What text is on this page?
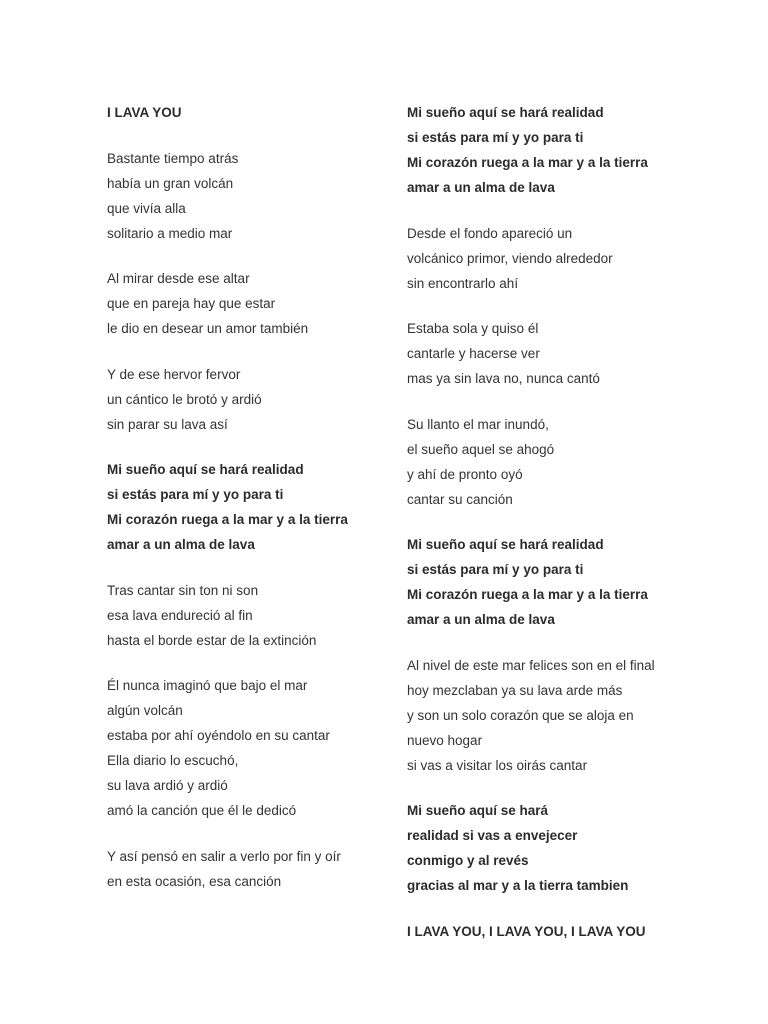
I LAVA YOU
Bastante tiempo atrás
había un gran volcán
que vivía alla
solitario a medio mar
Al mirar desde ese altar
que en pareja hay que estar
le dio en desear un amor también
Y de ese hervor fervor
un cántico le brotó y ardió
sin parar su lava así
Mi sueño aquí se hará realidad
si estás para mí y yo para ti
Mi corazón ruega a la mar y a la tierra
amar a un alma de lava
Tras cantar sin ton ni son
esa lava endureció al fin
hasta el borde estar de la extinción
Él nunca imaginó que bajo el mar
algún volcán
estaba por ahí oyéndolo en su cantar
Ella diario lo escuchó,
su lava ardió y ardió
amó la canción que él le dedicó
Y así pensó en salir a verlo por fin y oír
en esta ocasión, esa canción
Mi sueño aquí se hará realidad
si estás para mí y yo para ti
Mi corazón ruega a la mar y a la tierra
amar a un alma de lava
Desde el fondo apareció un
volcánico primor, viendo alrededor
sin encontrarlo ahí
Estaba sola y quiso él
cantarle y hacerse ver
mas ya sin lava no, nunca cantó
Su llanto el mar inundó,
el sueño aquel se ahogó
y ahí de pronto oyó
cantar su canción
Mi sueño aquí se hará realidad
si estás para mí y yo para ti
Mi corazón ruega a la mar y a la tierra
amar a un alma de lava
Al nivel de este mar felices son en el final
hoy mezclaban ya su lava arde más
y son un solo corazón que se aloja en
nuevo hogar
si vas a visitar los oirás cantar
Mi sueño aquí se hará
realidad si vas a envejecer
conmigo y al revés
gracias al mar y a la tierra tambien
I LAVA YOU, I LAVA YOU, I LAVA YOU
